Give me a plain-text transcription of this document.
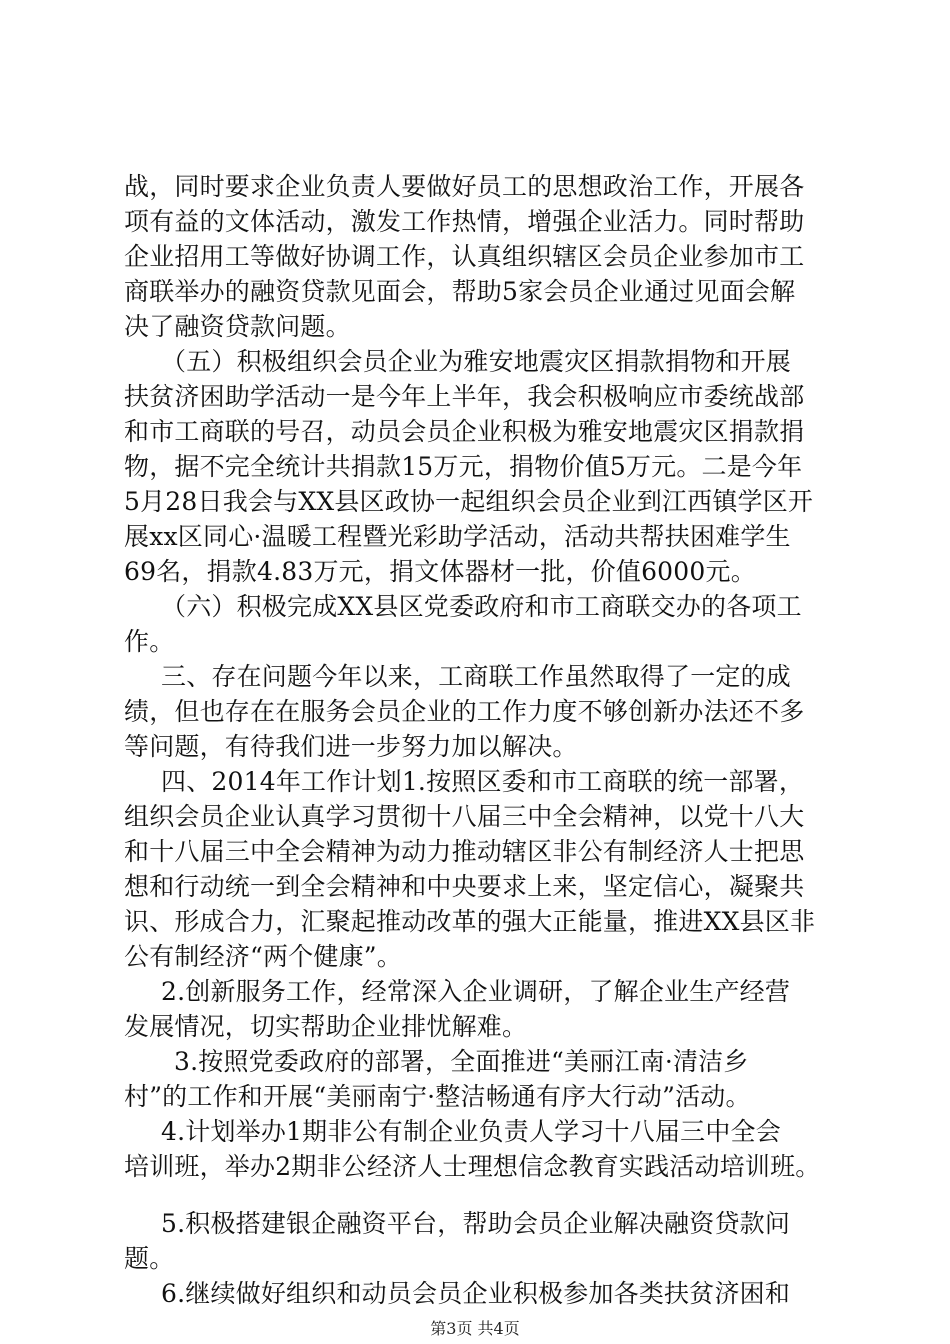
战，同时要求企业负责人要做好员工的思想政治工作，开展各
项有益的文体活动，激发工作热情，增强企业活力。同时帮助
企业招用工等做好协调工作，认真组织辖区会员企业参加市工
商联举办的融资贷款见面会，帮助5家会员企业通过见面会解
决了融资贷款问题。
（五）积极组织会员企业为雅安地震灾区捐款捐物和开展
扶贫济困助学活动一是今年上半年，我会积极响应市委统战部
和市工商联的号召，动员会员企业积极为雅安地震灾区捐款捐
物，据不完全统计共捐款15万元，捐物价值5万元。二是今年
5月28日我会与XX县区政协一起组织会员企业到江西镇学区开
展xx区同心·温暖工程暨光彩助学活动，活动共帮扶困难学生
69名，捐款4.83万元，捐文体器材一批，价值6000元。
（六）积极完成XX县区党委政府和市工商联交办的各项工
作。
三、存在问题今年以来，工商联工作虽然取得了一定的成
绩，但也存在在服务会员企业的工作力度不够创新办法还不多
等问题，有待我们进一步努力加以解决。
四、2014年工作计划1.按照区委和市工商联的统一部署，
组织会员企业认真学习贯彻十八届三中全会精神，以党十八大
和十八届三中全会精神为动力推动辖区非公有制经济人士把思
想和行动统一到全会精神和中央要求上来，坚定信心，凝聚共
识、形成合力，汇聚起推动改革的强大正能量，推进XX县区非
公有制经济“两个健康”。
2.创新服务工作，经常深入企业调研，了解企业生产经营
发展情况，切实帮助企业排忧解难。
3.按照党委政府的部署，全面推进“美丽江南·清洁乡
村”的工作和开展“美丽南宁·整洁畅通有序大行动”活动。
4.计划举办1期非公有制企业负责人学习十八届三中全会
培训班，举办2期非公经济人士理想信念教育实践活动培训班。
5.积极搭建银企融资平台，帮助会员企业解决融资贷款问
题。
6.继续做好组织和动员会员企业积极参加各类扶贫济困和
第3页 共4页
